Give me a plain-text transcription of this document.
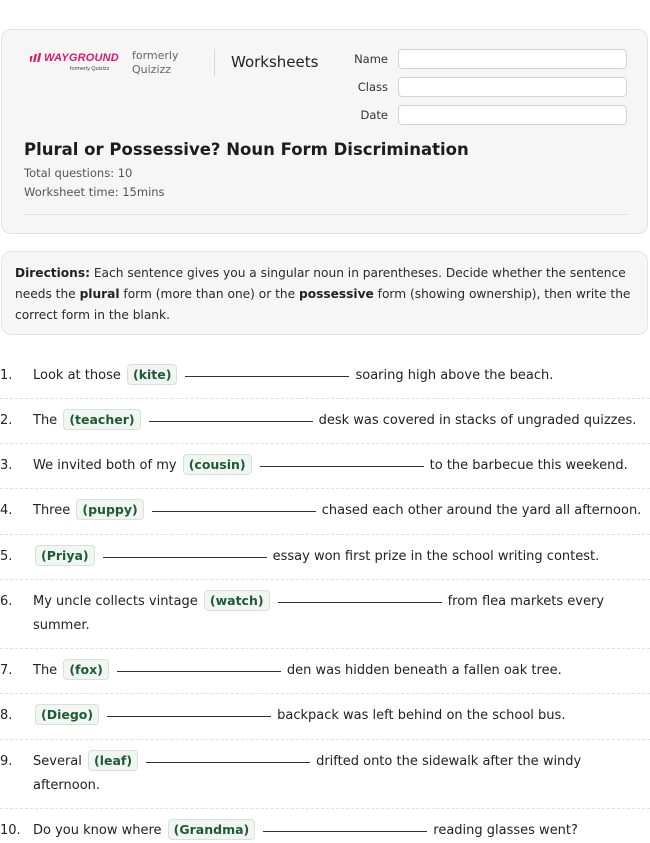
WAYGROUND
formerly Quizizz
formerly
Quizizz	Worksheets	Name
Class
Date
Plural or Possessive? Noun Form Discrimination
Total questions: 10
Worksheet time: 15mins
Directions: Each sentence gives you a singular noun in parentheses. Decide whether the sentence needs the plural form (more than one) or the possessive form (showing ownership), then write the correct form in the blank.
1. Look at those (kite)	soaring high above the beach.
2. The (teacher)	desk was covered in stacks of ungraded quizzes.
3. We invited both of my (cousin)	to the barbecue this weekend.
4. Three (puppy)	chased each other around the yard all afternoon.
5.	(Priya)	essay won first prize in the school writing contest.
6. My uncle collects vintage (watch)	from flea markets every summer.
7. The (fox)	den was hidden beneath a fallen oak tree.
8.	(Diego)	backpack was left behind on the school bus.
9. Several (leaf)	drifted onto the sidewalk after the windy afternoon.
10. Do you know where (Grandma)	reading glasses went?
